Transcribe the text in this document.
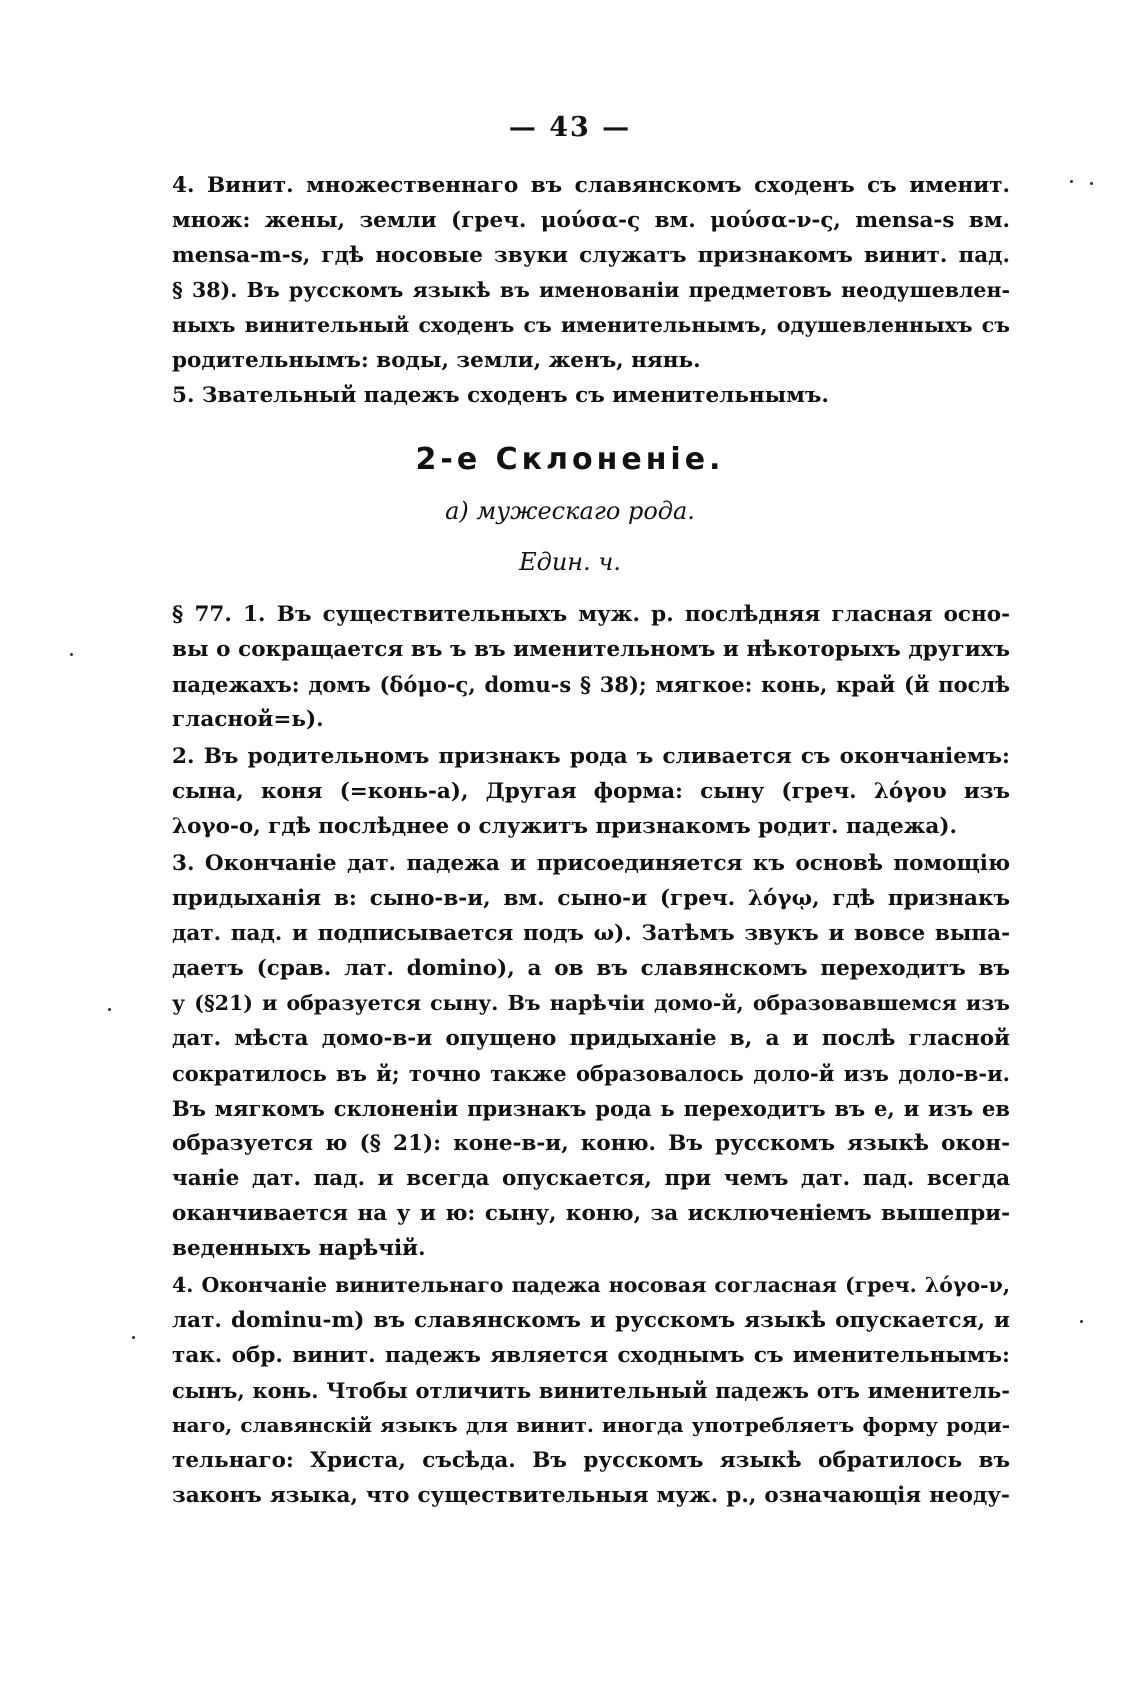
— 43 —

4. Винит. множественнаго въ славянскомъ сходенъ съ именит.
множ: жены, земли (греч. μούσα-ς вм. μούσα-ν-ς, mensa-s вм.
mensa-m-s, гдѣ носовые звуки служатъ признакомъ винит. пад.
§ 38). Въ русскомъ языкѣ въ именованіи предметовъ неодушевлен-
ныхъ винительный сходенъ съ именительнымъ, одушевленныхъ съ
родительнымъ: воды, земли, женъ, нянь.

5. Звательный падежъ сходенъ съ именительнымъ.

2-е Склоненіе.
а) мужескаго рода.
Един. ч.

§ 77. 1. Въ существительныхъ муж. р. послѣдняя гласная осно-
вы о сокращается въ ъ въ именительномъ и нѣкоторыхъ другихъ
падежахъ: домъ (δόμο-ς, domu-s § 38); мягкое: конь, край (й послѣ
гласной=ь).

2. Въ родительномъ признакъ рода ъ сливается съ окончаніемъ:
сына, коня (=конь-а), Другая форма: сыну (греч. λόγου изъ
λογο-ο, гдѣ послѣднее о служитъ признакомъ родит. падежа).

3. Окончаніе дат. падежа и присоединяется къ основѣ помощію
придыханія в: сыно-в-и, вм. сыно-и (греч. λόγῳ, гдѣ признакъ
дат. пад. и подписывается подъ ω). Затѣмъ звукъ и вовсе выпа-
даетъ (срав. лат. domino), а ов въ славянскомъ переходитъ въ
у (§21) и образуется сыну. Въ нарѣчіи домо-й, образовавшемся изъ
дат. мѣста домо-в-и опущено придыханіе в, а и послѣ гласной
сократилось въ й; точно также образовалось доло-й изъ доло-в-и.
Въ мягкомъ склоненіи признакъ рода ь переходитъ въ е, и изъ ев
образуется ю (§ 21): коне-в-и, коню. Въ русскомъ языкѣ окон-
чаніе дат. пад. и всегда опускается, при чемъ дат. пад. всегда
оканчивается на у и ю: сыну, коню, за исключеніемъ вышепри-
веденныхъ нарѣчій.

4. Окончаніе винительнаго падежа носовая согласная (греч. λόγο-ν,
лат. dominu-m) въ славянскомъ и русскомъ языкѣ опускается, и
так. обр. винит. падежъ является сходнымъ съ именительнымъ:
сынъ, конь. Чтобы отличить винительный падежъ отъ именитель-
наго, славянскій языкъ для винит. иногда употребляетъ форму роди-
тельнаго: Христа, съсѣда. Въ русскомъ языкѣ обратилось въ
законъ языка, что существительныя муж. р., означающія неоду-
